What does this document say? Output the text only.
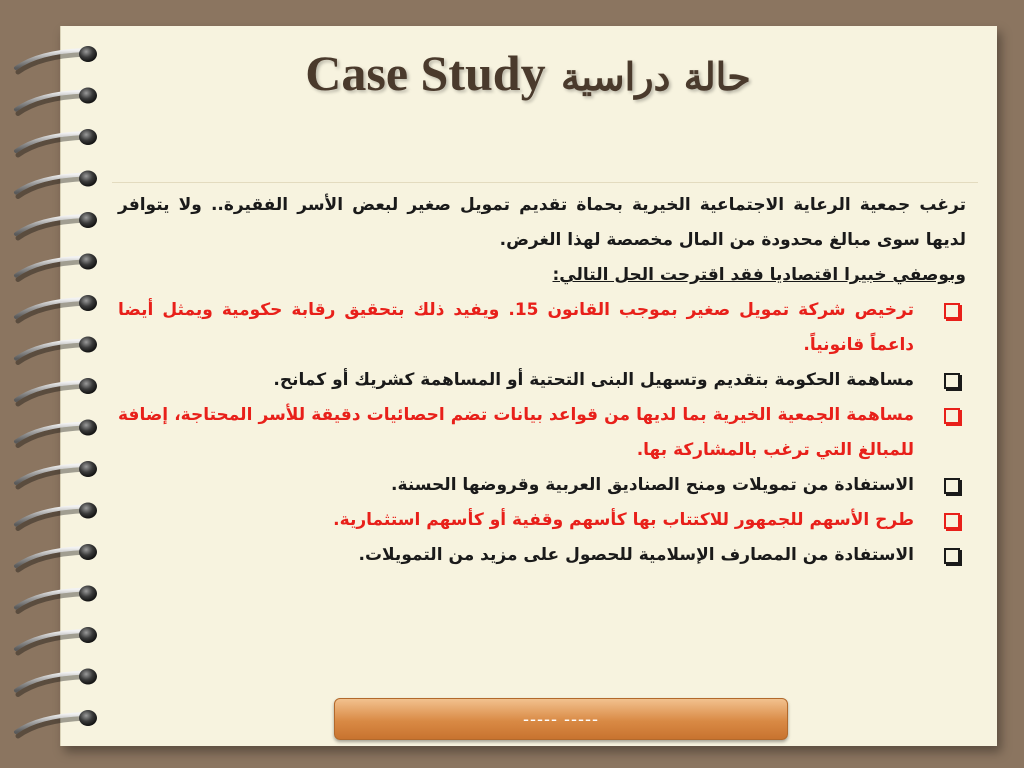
Case Study حالة دراسية

ترغب جمعية الرعاية الاجتماعية الخيرية بحماة تقديم تمويل صغير لبعض الأسر الفقيرة.. ولا يتوافر لديها سوى مبالغ محدودة من المال مخصصة لهذا الغرض.

وبوصفي خبيرا اقتصاديا فقد اقترحت الحل التالي:

ترخيص شركة تمويل صغير بموجب القانون 15. ويفيد ذلك بتحقيق رقابة حكومية ويمثل أيضا داعماً قانونياً.
مساهمة الحكومة بتقديم وتسهيل البنى التحتية أو المساهمة كشريك أو كمانح.
مساهمة الجمعية الخيرية بما لديها من قواعد بيانات تضم احصائيات دقيقة للأسر المحتاجة، إضافة للمبالغ التي ترغب بالمشاركة بها.
الاستفادة من تمويلات ومنح الصناديق العربية وقروضها الحسنة.
طرح الأسهم للجمهور للاكتتاب بها كأسهم وقفية أو كأسهم استثمارية.
الاستفادة من المصارف الإسلامية للحصول على مزيد من التمويلات.
----- -----
